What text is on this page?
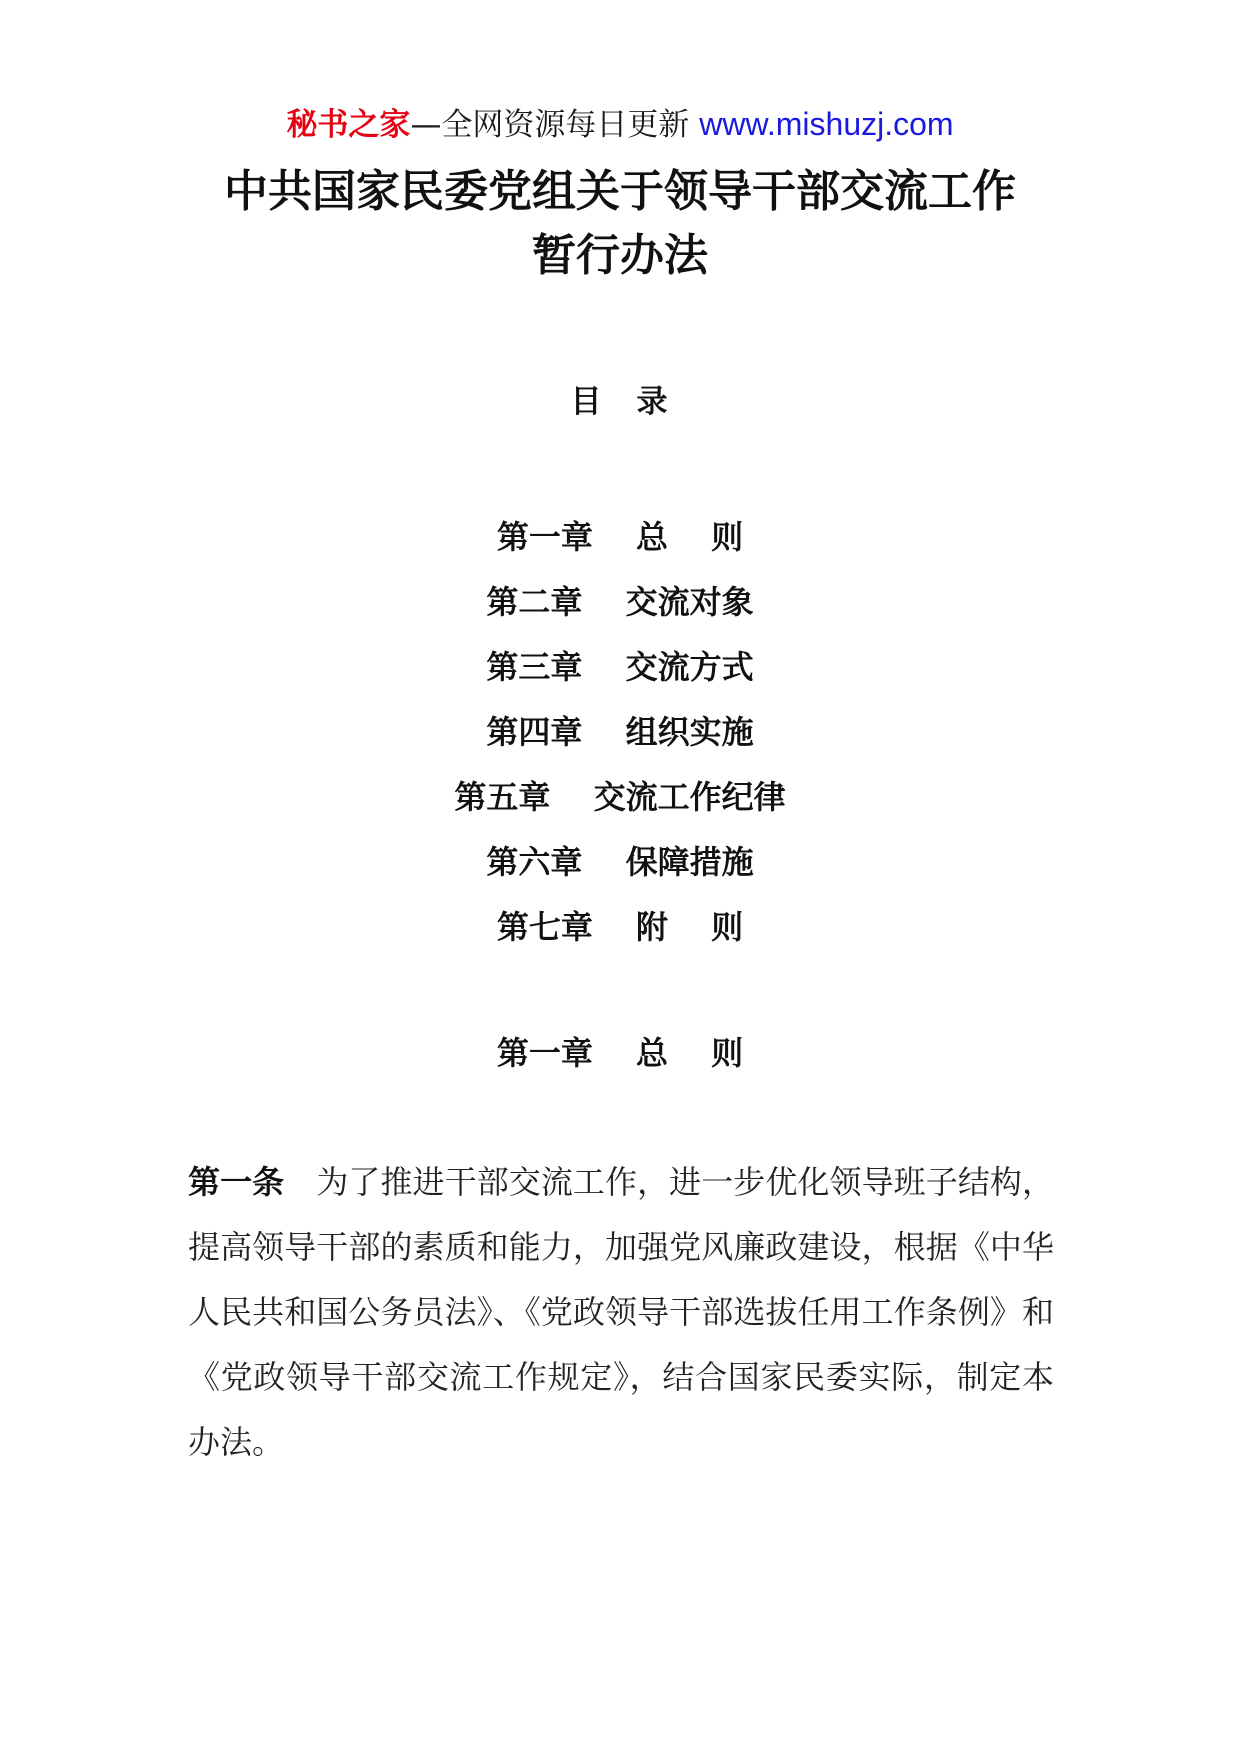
秘书之家—全网资源每日更新 www.mishuzj.com
中共国家民委党组关于领导干部交流工作
暂行办法
目　录
第一章　 总　 则
第二章　 交流对象
第三章　 交流方式
第四章　 组织实施
第五章　 交流工作纪律
第六章　 保障措施
第七章　 附　 则
第一章　 总　 则

第一条　为了推进干部交流工作，进一步优化领导班子结构，提高领导干部的素质和能力，加强党风廉政建设，根据《中华人民共和国公务员法》、《党政领导干部选拔任用工作条例》和《党政领导干部交流工作规定》，结合国家民委实际，制定本办法。
